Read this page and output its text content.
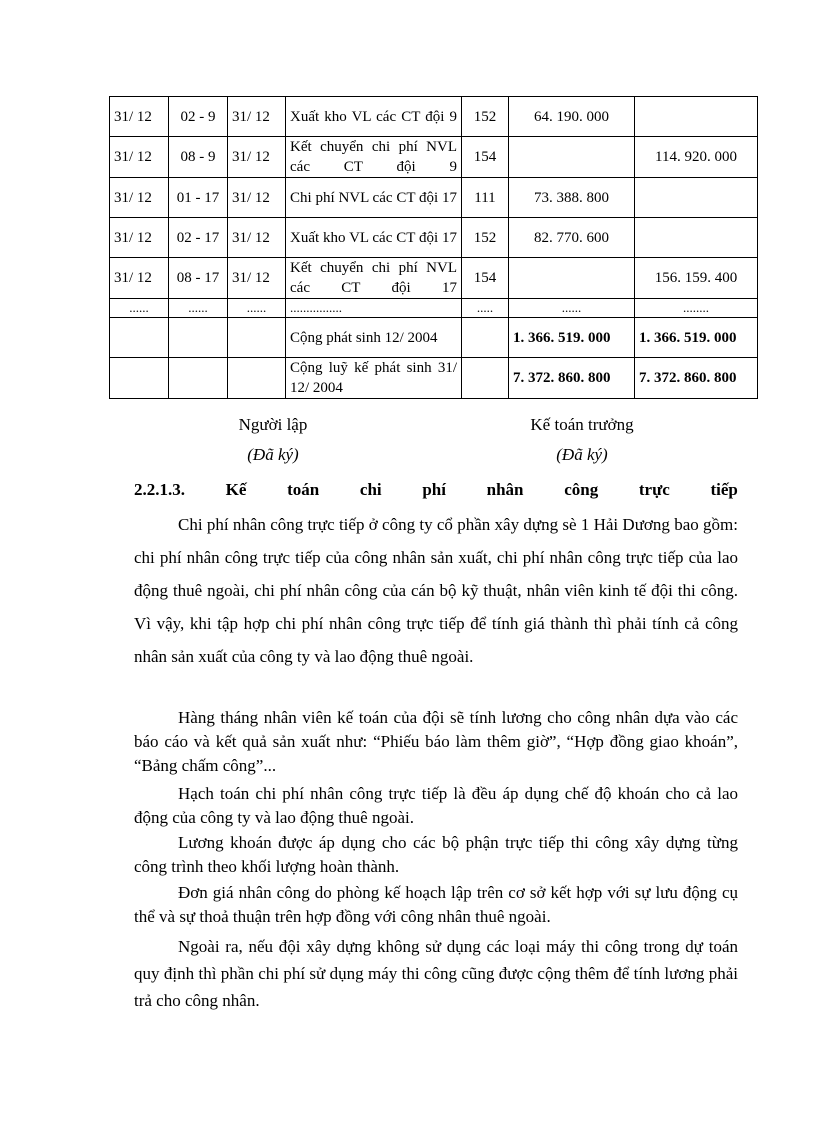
31/ 12	02 - 9	31/ 12	Xuất kho VL các CT đội 9	152	64. 190. 000	
31/ 12	08 - 9	31/ 12	Kết chuyển chi phí NVL các CT đội 9	154		114. 920. 000
31/ 12	01 - 17	31/ 12	Chi phí NVL các CT đội 17	111	73. 388. 800	
31/ 12	02 - 17	31/ 12	Xuất kho VL các CT đội 17	152	82. 770. 600	
31/ 12	08 - 17	31/ 12	Kết chuyển chi phí NVL các CT đội 17	154		156. 159. 400
......	......	......	................	.....	......	........
			Cộng phát sinh 12/ 2004		1. 366. 519. 000	1. 366. 519. 000
			Cộng luỹ kế phát sinh 31/ 12/ 2004		7. 372. 860. 800	7. 372. 860. 800
Người lập
(Đã ký)
Kế toán trưởng
(Đã ký)
2.2.1.3. Kế toán chi phí nhân công trực tiếp

Chi phí nhân công trực tiếp ở công ty cổ phần xây dựng sè 1 Hải Dương bao gồm: chi phí nhân công trực tiếp của công nhân sản xuất, chi phí nhân công trực tiếp của lao động thuê ngoài, chi phí nhân công của cán bộ kỹ thuật, nhân viên kinh tế đội thi công. Vì vậy, khi tập hợp chi phí nhân công trực tiếp để tính giá thành thì phải tính cả công nhân sản xuất của công ty và lao động thuê ngoài.

Hàng tháng nhân viên kế toán của đội sẽ tính lương cho công nhân dựa vào các báo cáo và kết quả sản xuất như: “Phiếu báo làm thêm giờ”, “Hợp đồng giao khoán”, “Bảng chấm công”...

Hạch toán chi phí nhân công trực tiếp là đều áp dụng chế độ khoán cho cả lao động của công ty và lao động thuê ngoài.

Lương khoán được áp dụng cho các bộ phận trực tiếp thi công xây dựng từng công trình theo khối lượng hoàn thành.

Đơn giá nhân công do phòng kế hoạch lập trên cơ sở kết hợp với sự lưu động cụ thể và sự thoả thuận trên hợp đồng với công nhân thuê ngoài.

Ngoài ra, nếu đội xây dựng không sử dụng các loại máy thi công trong dự toán quy định thì phần chi phí sử dụng máy thi công cũng được cộng thêm để tính lương phải trả cho công nhân.
